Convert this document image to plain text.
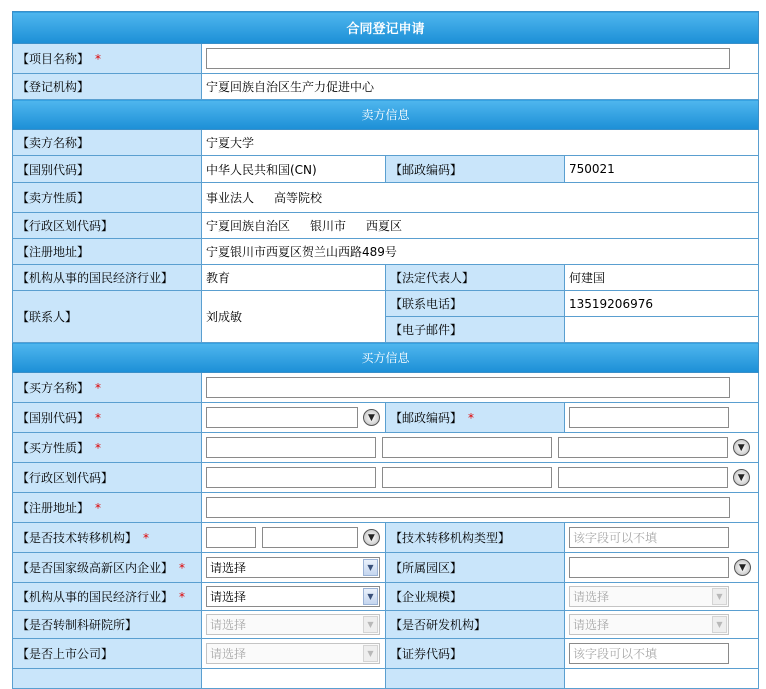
合同登记申请			
【项目名称】 *	
【登记机构】	宁夏回族自治区生产力促进中心		
卖方信息			
【卖方名称】	宁夏大学		
【国别代码】	中华人民共和国(CN)	【邮政编码】	750021
【卖方性质】	事业法人 高等院校		
【行政区划代码】	宁夏回族自治区 银川市 西夏区		
【注册地址】	宁夏银川市西夏区贺兰山西路489号		
【机构从事的国民经济行业】	教育	【法定代表人】	何建国
【联系人】	刘成敏	【联系电话】	13519206976
		【电子邮件】	
买方信息			
【买方名称】 *	
【国别代码】 *	▼	【邮政编码】 *	
【买方性质】 *	▼		
【行政区划代码】	▼		
【注册地址】 *	
【是否技术转移机构】 *	▼	【技术转移机构类型】	该字段可以不填
【是否国家级高新区内企业】 *	请选择 ▼	【所属园区】	▼
【机构从事的国民经济行业】 *	请选择 ▼	【企业规模】	请选择 ▼

【是否转制科研院所】	请选择 ▼	【是否研发机构】	请选择 ▼

【是否上市公司】	请选择 ▼	【证券代码】	该字段可以不填
